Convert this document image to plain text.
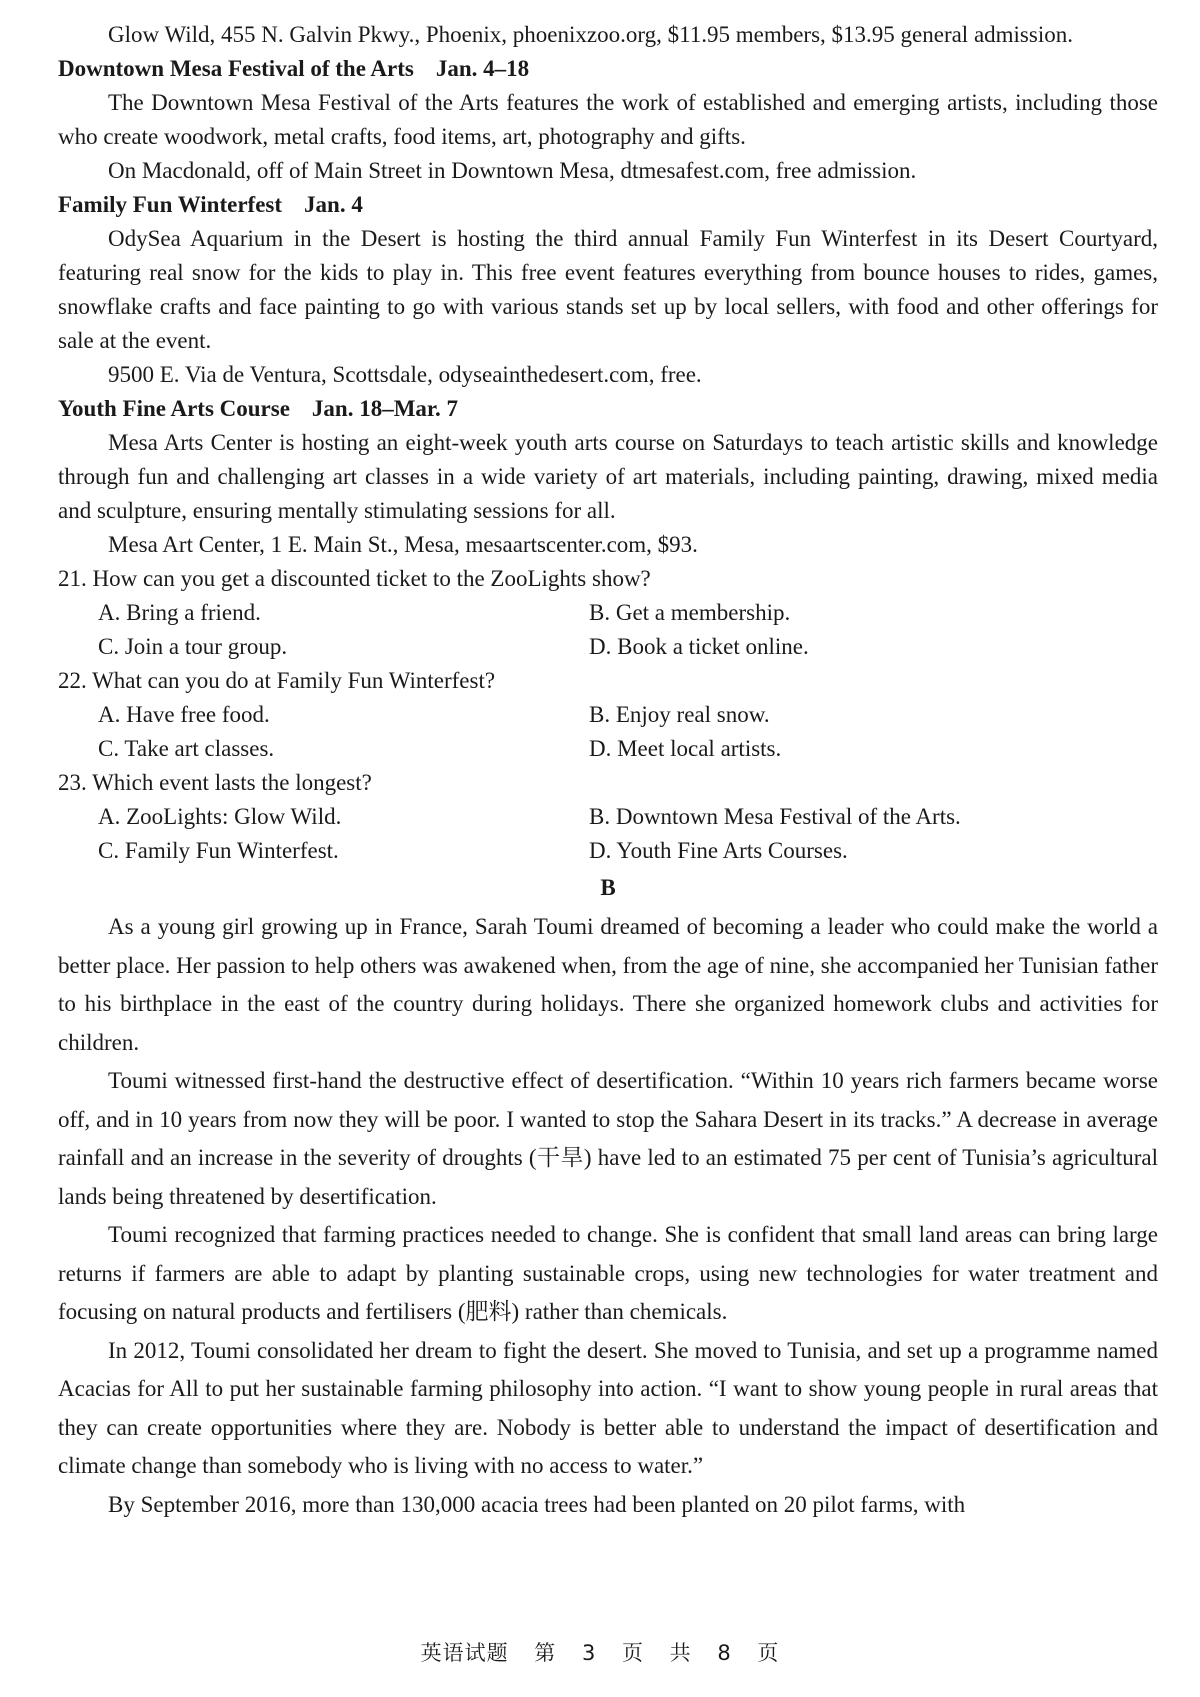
Glow Wild, 455 N. Galvin Pkwy., Phoenix, phoenixzoo.org, $11.95 members, $13.95 general admission.

Downtown Mesa Festival of the Arts Jan. 4–18

The Downtown Mesa Festival of the Arts features the work of established and emerging artists, including those who create woodwork, metal crafts, food items, art, photography and gifts.

On Macdonald, off of Main Street in Downtown Mesa, dtmesafest.com, free admission.

Family Fun Winterfest Jan. 4

OdySea Aquarium in the Desert is hosting the third annual Family Fun Winterfest in its Desert Courtyard, featuring real snow for the kids to play in. This free event features everything from bounce houses to rides, games, snowflake crafts and face painting to go with various stands set up by local sellers, with food and other offerings for sale at the event.

9500 E. Via de Ventura, Scottsdale, odyseainthedesert.com, free.

Youth Fine Arts Course Jan. 18–Mar. 7

Mesa Arts Center is hosting an eight-week youth arts course on Saturdays to teach artistic skills and knowledge through fun and challenging art classes in a wide variety of art materials, including painting, drawing, mixed media and sculpture, ensuring mentally stimulating sessions for all.

Mesa Art Center, 1 E. Main St., Mesa, mesaartscenter.com, $93.

21. How can you get a discounted ticket to the ZooLights show?

A. Bring a friend.	B. Get a membership.
C. Join a tour group.	D. Book a ticket online.

22. What can you do at Family Fun Winterfest?

A. Have free food.	B. Enjoy real snow.
C. Take art classes.	D. Meet local artists.

23. Which event lasts the longest?

A. ZooLights: Glow Wild.	B. Downtown Mesa Festival of the Arts.
C. Family Fun Winterfest.	D. Youth Fine Arts Courses.

B

As a young girl growing up in France, Sarah Toumi dreamed of becoming a leader who could make the world a better place. Her passion to help others was awakened when, from the age of nine, she accompanied her Tunisian father to his birthplace in the east of the country during holidays. There she organized homework clubs and activities for children.

Toumi witnessed first-hand the destructive effect of desertification. “Within 10 years rich farmers became worse off, and in 10 years from now they will be poor. I wanted to stop the Sahara Desert in its tracks.” A decrease in average rainfall and an increase in the severity of droughts (干旱) have led to an estimated 75 per cent of Tunisia’s agricultural lands being threatened by desertification.

Toumi recognized that farming practices needed to change. She is confident that small land areas can bring large returns if farmers are able to adapt by planting sustainable crops, using new technologies for water treatment and focusing on natural products and fertilisers (肥料) rather than chemicals.

In 2012, Toumi consolidated her dream to fight the desert. She moved to Tunisia, and set up a programme named Acacias for All to put her sustainable farming philosophy into action. “I want to show young people in rural areas that they can create opportunities where they are. Nobody is better able to understand the impact of desertification and climate change than somebody who is living with no access to water.”

By September 2016, more than 130,000 acacia trees had been planted on 20 pilot farms, with

英语试题 第 3 页 共 8 页
